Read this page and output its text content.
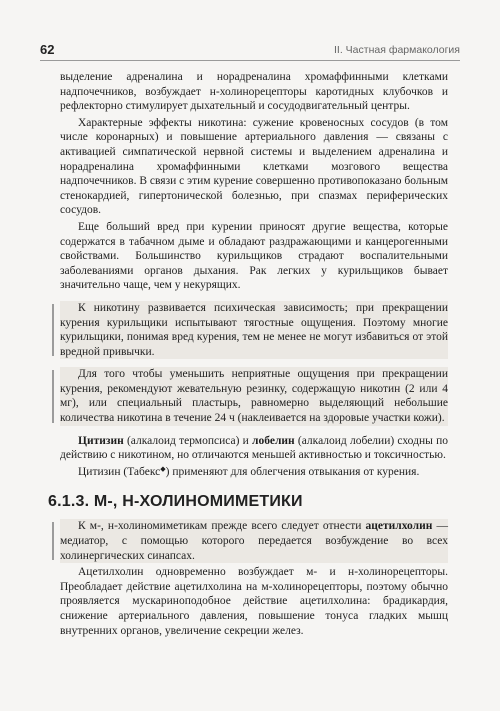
62	II. Частная фармакология

выделение адреналина и норадреналина хромаффинными клетками надпочечников, возбуждает н-холинорецепторы каротидных клубочков и рефлекторно стимулирует дыхательный и сосудодвигательный центры.

Характерные эффекты никотина: сужение кровеносных сосудов (в том числе коронарных) и повышение артериального давления — связаны с активацией симпатической нервной системы и выделением адреналина и норадреналина хромаффинными клетками мозгового вещества надпочечников. В связи с этим курение совершенно противопоказано больным стенокардией, гипертонической болезнью, при спазмах периферических сосудов.

Еще больший вред при курении приносят другие вещества, которые содержатся в табачном дыме и обладают раздражающими и канцерогенными свойствами. Большинство курильщиков страдают воспалительными заболеваниями органов дыхания. Рак легких у курильщиков бывает значительно чаще, чем у некурящих.

К никотину развивается психическая зависимость; при прекращении курения курильщики испытывают тягостные ощущения. Поэтому многие курильщики, понимая вред курения, тем не менее не могут избавиться от этой вредной привычки.

Для того чтобы уменьшить неприятные ощущения при прекращении курения, рекомендуют жевательную резинку, содержащую никотин (2 или 4 мг), или специальный пластырь, равномерно выделяющий небольшие количества никотина в течение 24 ч (наклеивается на здоровые участки кожи).

Цитизин (алкалоид термопсиса) и лобелин (алкалоид лобелии) сходны по действию с никотином, но отличаются меньшей активностью и токсичностью.

Цитизин (Табекс◆) применяют для облегчения отвыкания от курения.

6.1.3. М-, Н-ХОЛИНОМИМЕТИКИ

К м-, н-холиномиметикам прежде всего следует отнести ацетилхолин — медиатор, с помощью которого передается возбуждение во всех холинергических синапсах.

Ацетилхолин одновременно возбуждает м- и н-холинорецепторы. Преобладает действие ацетилхолина на м-холинорецепторы, поэтому обычно проявляется мускариноподобное действие ацетилхолина: брадикардия, снижение артериального давления, повышение тонуса гладких мышц внутренних органов, увеличение секреции желез.
